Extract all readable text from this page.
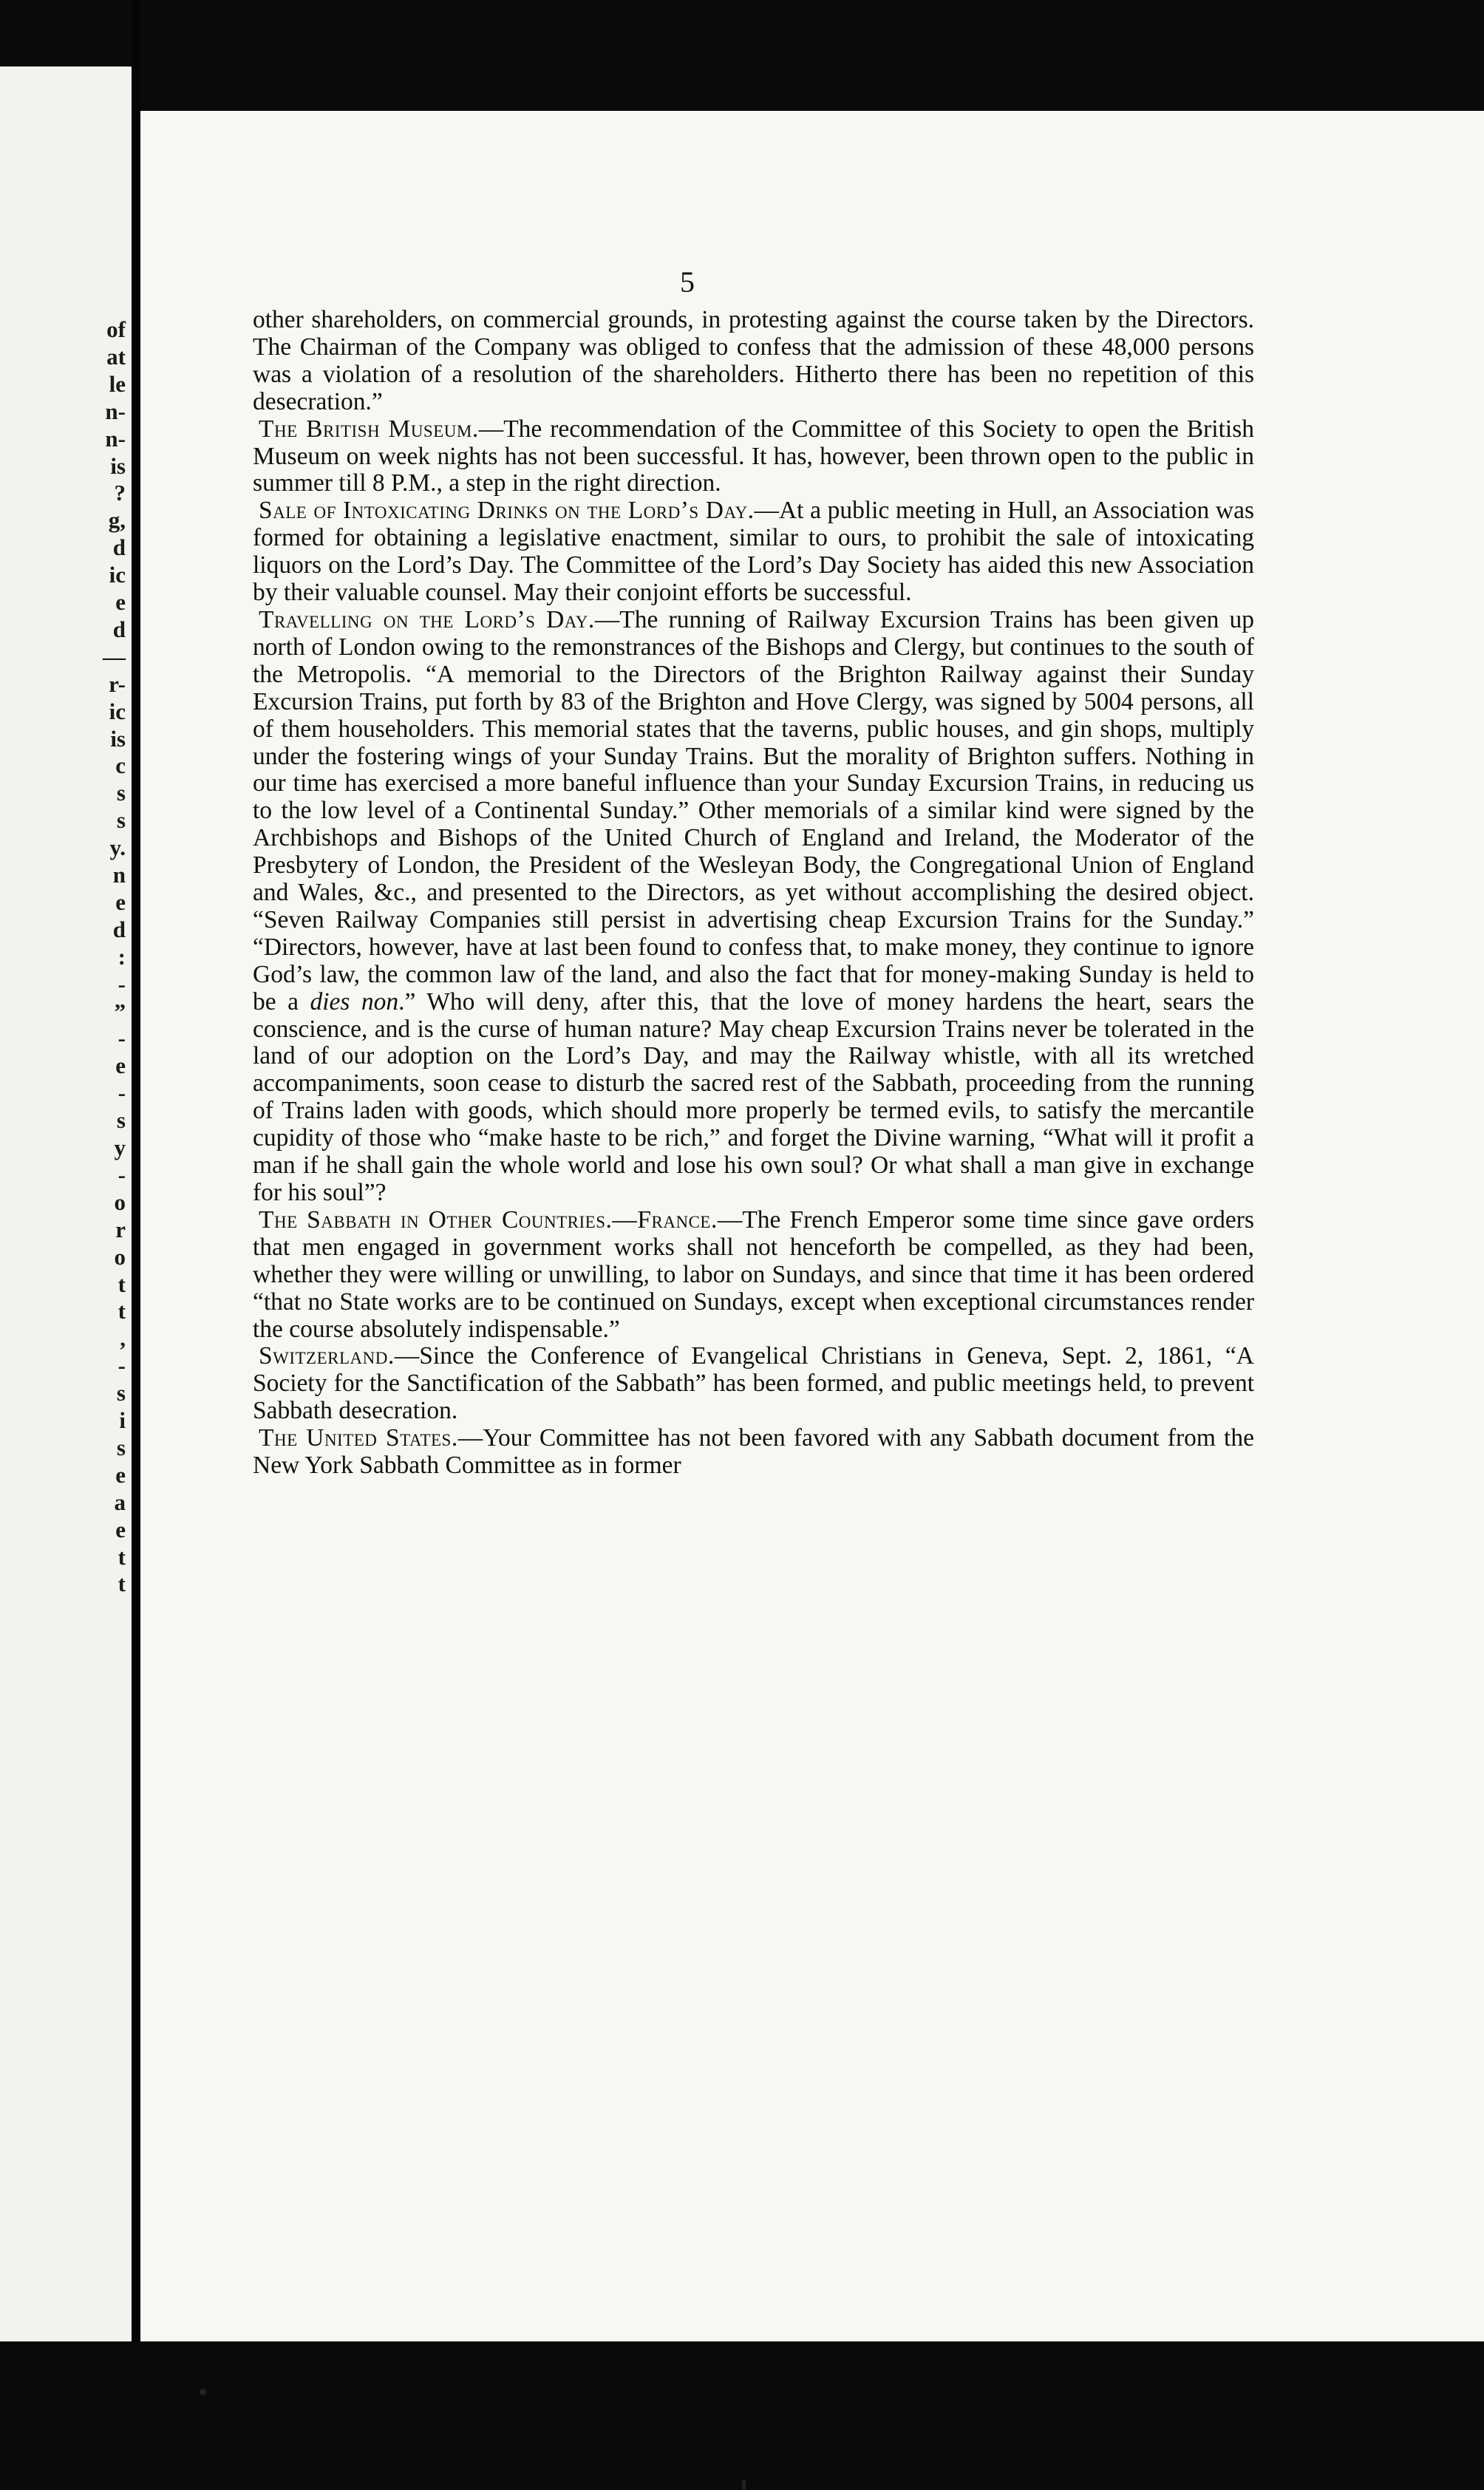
of
at
le
n-
n-
is
?
g,
d
ic
e
d
—
r-
ic
is
c
s
s
y.
n
e
d
:
-
”
-
e
-
s
y
-
o
r
o
t
t
,
-
s
i
s
e
a
e
t
t
5

other shareholders, on commercial grounds, in protesting against the course taken by the Directors. The Chairman of the Company was obliged to confess that the admission of these 48,000 persons was a violation of a resolution of the shareholders. Hitherto there has been no repetition of this desecration.”

The British Museum.—The recommendation of the Committee of this Society to open the British Museum on week nights has not been successful. It has, however, been thrown open to the public in summer till 8 P.M., a step in the right direction.

Sale of Intoxicating Drinks on the Lord’s Day.—At a public meeting in Hull, an Association was formed for obtaining a legislative enactment, similar to ours, to prohibit the sale of intoxicating liquors on the Lord’s Day. The Committee of the Lord’s Day Society has aided this new Association by their valuable counsel. May their conjoint efforts be successful.

Travelling on the Lord’s Day.—The running of Railway Excursion Trains has been given up north of London owing to the remonstrances of the Bishops and Clergy, but continues to the south of the Metropolis. “A memorial to the Directors of the Brighton Railway against their Sunday Excursion Trains, put forth by 83 of the Brighton and Hove Clergy, was signed by 5004 persons, all of them householders. This memorial states that the taverns, public houses, and gin shops, multiply under the fostering wings of your Sunday Trains. But the morality of Brighton suffers. Nothing in our time has exercised a more baneful influence than your Sunday Excursion Trains, in reducing us to the low level of a Continental Sunday.” Other memorials of a similar kind were signed by the Archbishops and Bishops of the United Church of England and Ireland, the Moderator of the Presbytery of London, the President of the Wesleyan Body, the Congregational Union of England and Wales, &c., and presented to the Directors, as yet without accomplishing the desired object. “Seven Railway Companies still persist in advertising cheap Excursion Trains for the Sunday.” “Directors, however, have at last been found to confess that, to make money, they continue to ignore God’s law, the common law of the land, and also the fact that for money-making Sunday is held to be a dies non.” Who will deny, after this, that the love of money hardens the heart, sears the conscience, and is the curse of human nature? May cheap Excursion Trains never be tolerated in the land of our adoption on the Lord’s Day, and may the Railway whistle, with all its wretched accompaniments, soon cease to disturb the sacred rest of the Sabbath, proceeding from the running of Trains laden with goods, which should more properly be termed evils, to satisfy the mercantile cupidity of those who “make haste to be rich,” and forget the Divine warning, “What will it profit a man if he shall gain the whole world and lose his own soul? Or what shall a man give in exchange for his soul”?

The Sabbath in Other Countries.—France.—The French Emperor some time since gave orders that men engaged in government works shall not henceforth be compelled, as they had been, whether they were willing or unwilling, to labor on Sundays, and since that time it has been ordered “that no State works are to be continued on Sundays, except when exceptional circumstances render the course absolutely indispensable.”

Switzerland.—Since the Conference of Evangelical Christians in Geneva, Sept. 2, 1861, “A Society for the Sanctification of the Sabbath” has been formed, and public meetings held, to prevent Sabbath desecration.

The United States.—Your Committee has not been favored with any Sabbath document from the New York Sabbath Committee as in former
